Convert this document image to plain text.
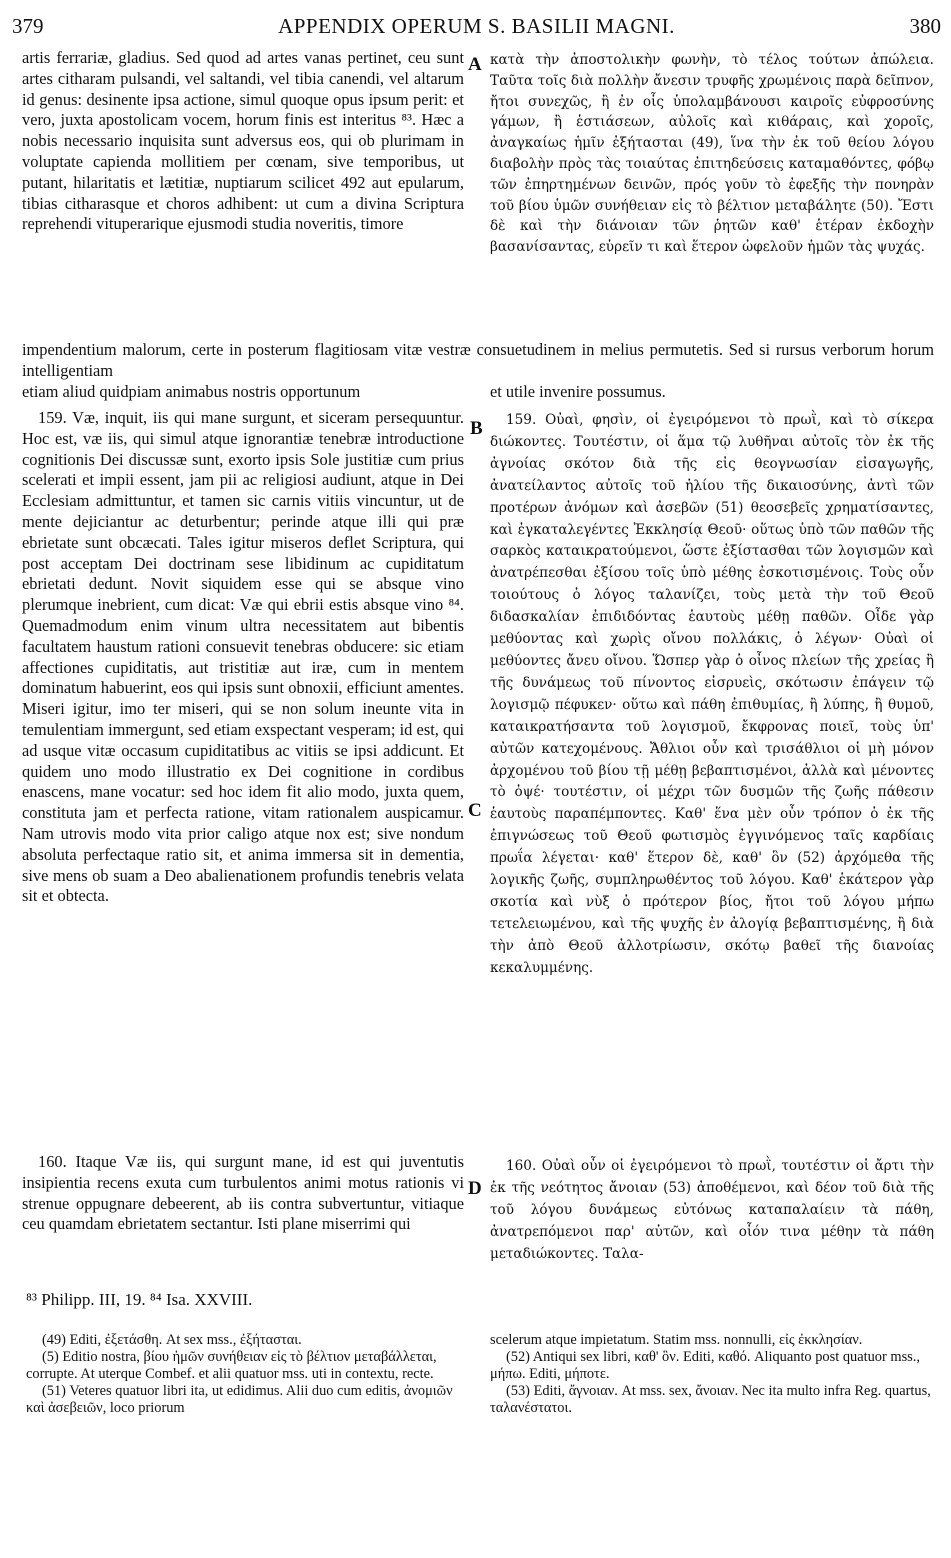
379	APPENDIX OPERUM S. BASILII MAGNI.	380

artis ferrariæ, gladius. Sed quod ad artes vanas pertinet, ceu sunt artes citharam pulsandi, vel saltandi, vel tibia canendi, vel altarum id genus: desinente ipsa actione, simul quoque opus ipsum perit: et vero, juxta apostolicam vocem, horum finis est interitus ⁸³. Hæc a nobis necessario inquisita sunt adversus eos, qui ob plurimam in voluptate capienda mollitiem per cœnam, sive temporibus, ut putant, hilaritatis et lætitiæ, nuptiarum scilicet 492 aut epularum, tibias citharasque et choros adhibent: ut cum a divina Scriptura reprehendi vituperarique ejusmodi studia noveritis, timore

A κατὰ τὴν ἀποστολικὴν φωνὴν, τὸ τέλος τούτων ἀπώλεια. Ταῦτα τοῖς διὰ πολλὴν ἄνεσιν τρυφῆς χρωμένοις παρὰ δεῖπνον, ἤτοι συνεχῶς, ἢ ἐν οἷς ὑπολαμβάνουσι καιροῖς εὐφροσύνης γάμων, ἢ ἑστιάσεων, αὐλοῖς καὶ κιθάραις, καὶ χοροῖς, ἀναγκαίως ἡμῖν ἐξήτασται (49), ἵνα τὴν ἐκ τοῦ θείου λόγου διαβολὴν πρὸς τὰς τοιαύτας ἐπιτηδεύσεις καταμαθόντες, φόβῳ τῶν ἐπηρτημένων δεινῶν, πρός γοῦν τὸ ἐφεξῆς τὴν πονηρὰν τοῦ βίου ὑμῶν συνήθειαν εἰς τὸ βέλτιον μεταβάλητε (50). Ἔστι δὲ καὶ τὴν διάνοιαν τῶν ῥητῶν καθ' ἑτέραν ἐκδοχὴν βασανίσαντας, εὑρεῖν τι καὶ ἕτερον ὠφελοῦν ἡμῶν τὰς ψυχάς.

impendentium malorum, certe in posterum flagitiosam vitæ vestræ consuetudinem in melius permutetis. Sed si rursus verborum horum intelligentiam

etiam aliud quidpiam animabus nostris opportunum	et utile invenire possumus.

159. Væ, inquit, iis qui mane surgunt, et siceram persequuntur. Hoc est, væ iis, qui simul atque ignorantiæ tenebræ introductione cognitionis Dei discussæ sunt, exorto ipsis Sole justitiæ cum prius scelerati et impii essent, jam pii ac religiosi audiunt, atque in Dei Ecclesiam admittuntur, et tamen sic carnis vitiis vincuntur, ut de mente dejiciantur ac deturbentur; perinde atque illi qui præ ebrietate sunt obcæcati. Tales igitur miseros deflet Scriptura, qui post acceptam Dei doctrinam sese libidinum ac cupiditatum ebrietati dedunt. Novit siquidem esse qui se absque vino plerumque inebrient, cum dicat: Væ qui ebrii estis absque vino ⁸⁴. Quemadmodum enim vinum ultra necessitatem aut bibentis facultatem haustum rationi consuevit tenebras obducere: sic etiam affectiones cupiditatis, aut tristitiæ aut iræ, cum in mentem dominatum habuerint, eos qui ipsis sunt obnoxii, efficiunt amentes. Miseri igitur, imo ter miseri, qui se non solum ineunte vita in temulentiam immergunt, sed etiam exspectant vesperam; id est, qui ad usque vitæ occasum cupiditatibus ac vitiis se ipsi addicunt. Et quidem uno modo illustratio ex Dei cognitione in cordibus enascens, mane vocatur: sed hoc idem fit alio modo, juxta quem, constituta jam et perfecta ratione, vitam rationalem auspicamur. Nam utrovis modo vita prior caligo atque nox est; sive nondum absoluta perfectaque ratio sit, et anima immersa sit in dementia, sive mens ob suam a Deo abalienationem profundis tenebris velata sit et obtecta.

B
C

159. Οὐαὶ, φησὶν, οἱ ἐγειρόμενοι τὸ πρωῒ, καὶ τὸ σίκερα διώκοντες. Τουτέστιν, οἱ ἅμα τῷ λυθῆναι αὐτοῖς τὸν ἐκ τῆς ἀγνοίας σκότον διὰ τῆς εἰς θεογνωσίαν εἰσαγωγῆς, ἀνατείλαντος αὐτοῖς τοῦ ἡλίου τῆς δικαιοσύνης, ἀντὶ τῶν προτέρων ἀνόμων καὶ ἀσεβῶν (51) θεοσεβεῖς χρηματίσαντες, καὶ ἐγκαταλεγέντες Ἐκκλησίᾳ Θεοῦ· οὕτως ὑπὸ τῶν παθῶν τῆς σαρκὸς καταικρατούμενοι, ὥστε ἐξίστασθαι τῶν λογισμῶν καὶ ἀνατρέπεσθαι ἐξίσου τοῖς ὑπὸ μέθης ἐσκοτισμένοις. Τοὺς οὖν τοιούτους ὁ λόγος ταλανίζει, τοὺς μετὰ τὴν τοῦ Θεοῦ διδασκαλίαν ἐπιδιδόντας ἑαυτοὺς μέθῃ παθῶν. Οἶδε γὰρ μεθύοντας καὶ χωρὶς οἴνου πολλάκις, ὁ λέγων· Οὐαὶ οἱ μεθύοντες ἄνευ οἴνου. Ὥσπερ γὰρ ὁ οἶνος πλείων τῆς χρείας ἢ τῆς δυνάμεως τοῦ πίνοντος εἰσρυεὶς, σκότωσιν ἐπάγειν τῷ λογισμῷ πέφυκεν· οὕτω καὶ πάθη ἐπιθυμίας, ἢ λύπης, ἢ θυμοῦ, καταικρατήσαντα τοῦ λογισμοῦ, ἔκφρονας ποιεῖ, τοὺς ὑπ' αὐτῶν κατεχομένους. Ἄθλιοι οὖν καὶ τρισάθλιοι οἱ μὴ μόνον ἀρχομένου τοῦ βίου τῇ μέθῃ βεβαπτισμένοι, ἀλλὰ καὶ μένοντες τὸ ὀψέ· τουτέστιν, οἱ μέχρι τῶν δυσμῶν τῆς ζωῆς πάθεσιν ἑαυτοὺς παραπέμποντες. Καθ' ἕνα μὲν οὖν τρόπον ὁ ἐκ τῆς ἐπιγνώσεως τοῦ Θεοῦ φωτισμὸς ἐγγινόμενος ταῖς καρδίαις πρωΐα λέγεται· καθ' ἕτερον δὲ, καθ' ὃν (52) ἀρχόμεθα τῆς λογικῆς ζωῆς, συμπληρωθέντος τοῦ λόγου. Καθ' ἑκάτερον γὰρ σκοτία καὶ νὺξ ὁ πρότερον βίος, ἤτοι τοῦ λόγου μήπω τετελειωμένου, καὶ τῆς ψυχῆς ἐν ἀλογίᾳ βεβαπτισμένης, ἢ διὰ τὴν ἀπὸ Θεοῦ ἀλλοτρίωσιν, σκότῳ βαθεῖ τῆς διανοίας κεκαλυμμένης.

160. Itaque Væ iis, qui surgunt mane, id est qui juventutis insipientia recens exuta cum turbulentos animi motus rationis vi strenue oppugnare debeerent, ab iis contra subvertuntur, vitiaque ceu quamdam ebrietatem sectantur. Isti plane miserrimi qui

D

160. Οὐαὶ οὖν οἱ ἐγειρόμενοι τὸ πρωῒ, τουτέστιν οἱ ἄρτι τὴν ἐκ τῆς νεότητος ἄνοιαν (53) ἀποθέμενοι, καὶ δέον τοῦ διὰ τῆς τοῦ λόγου δυνάμεως εὐτόνως καταπαλαίειν τὰ πάθη, ἀνατρεπόμενοι παρ' αὐτῶν, καὶ οἷόν τινα μέθην τὰ πάθη μεταδιώκοντες. Ταλα-

⁸³ Philipp. III, 19. ⁸⁴ Isa. XXVIII.

(49) Editi, ἐξετάσθη. At sex mss., ἐξήτασται.

(5) Editio nostra, βίου ἡμῶν συνήθειαν εἰς τὸ βέλτιον μεταβάλλεται, corrupte. At uterque Combef. et alii quatuor mss. uti in contextu, recte.

(51) Veteres quatuor libri ita, ut edidimus. Alii duo cum editis, ἀνομιῶν καὶ ἀσεβειῶν, loco priorum

scelerum atque impietatum. Statim mss. nonnulli, εἰς ἐκκλησίαν.

(52) Antiqui sex libri, καθ' ὃν. Editi, καθό. Aliquanto post quatuor mss., μήπω. Editi, μήποτε.

(53) Editi, ἄγνοιαν. At mss. sex, ἄνοιαν. Nec ita multo infra Reg. quartus, ταλανέστατοι.
